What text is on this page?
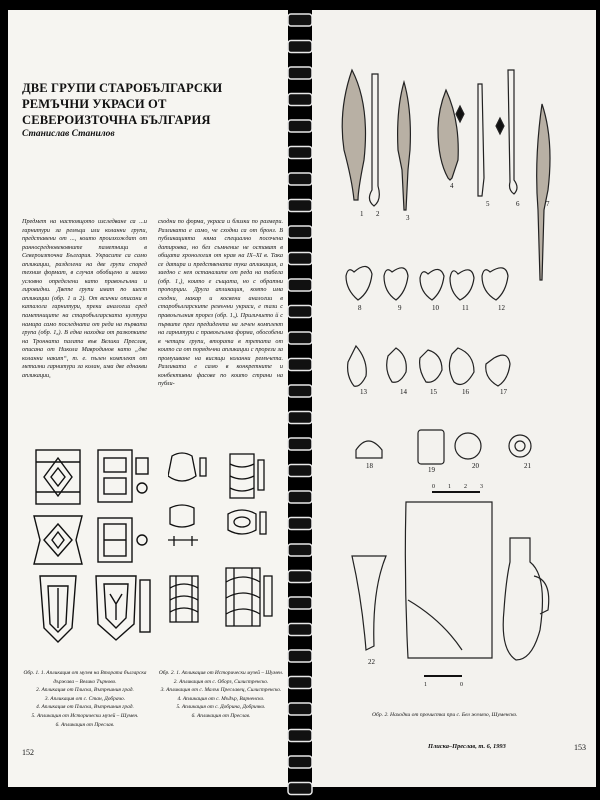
ДВЕ ГРУПИ СТАРОБЪЛГАРСКИ РЕМЪЧНИ УКРАСИ ОТ СЕВЕРОИЗТОЧНА БЪЛГАРИЯ

Станислав Станилов

Предмет на настоящото изследване са ...и гарнитури за ремъци или коланни групи, представени от ..., които произхождат от ранносредновековните паметници в Североизточна България. Украсите са само апликации, разделени на две групи според техния формат, в случая обобщено и малко условно определени като правоъгълни и лировидни. Двете групи имат по шест апликации (обр. 1 и 2). От всички описани в каталога гарнитури, преки аналогии сред паметниците на старобългарската култура намира само последната от реда на първата група (обр. 1₆). В една находка от разкопките на Тронната палата във Велики Преслав, описана от Никола Мавродинов като „две коланни накит“, т. е. пълен комплект от метални гарнитури за колан, има две еднакви апликации,

сходни по форма, украса и близки по размери. Разликата е само, че сходни са от бронз. В публикацията няма специално посочена датировка, но без съмнение не остават в общата хронология от края на IX–XI в. Така се датира и предствената тука апликация, а заедно с нея останалите от реда на табела (обр. 1₁), които е същата, но с обратни пропорции. Друга апликация, която има сходни, макар и косвени аналогии в старобългарските ремъчни украси, е тази с правоъгълния прорез (обр. 1₅). Приличието й с първите през предидента на лечен комплект на гарнитури с правоъгълна форма, обособени в четири групи, втората в третата от които са от порядъчни апликации с прорези за промушване на висящи коланни ремъчета. Разликата е само в конкретните и конбективни фасове по които страни на публи-

Обр. 1. 1. Апликация от музея на Втората българска държава – Велико Търново.
2. Апликация от Плиска, Вътрешния град.
3. Апликация от с. Стан, Добрачо.
4. Апликация от Плиска, Вътрешния град.
5. Апликация от Исторически музей – Шумен.
6. Апликация от Преслав.

Обр. 2. 1. Апликация от Исторически музей – Шумен.
2. Апликация от с. Оборз, Силистренско.
3. Апликация от с. Малък Преславец, Силистренско.
4. Апликация от с. Мъдър, Варненско.
5. Апликация от с. Добрина, Добричко.
6. Апликация от Преслав.

152

1 2	3
4
5	6	7
8	9	10	11	12
13	14	15	16	17
18	19	20	21
22
0 1 2 3
1	0

Обр. 2. Находки от прочистка при с. Бел желязо, Шуменско.

Плиска–Преслав, т. 6, 1993	153
